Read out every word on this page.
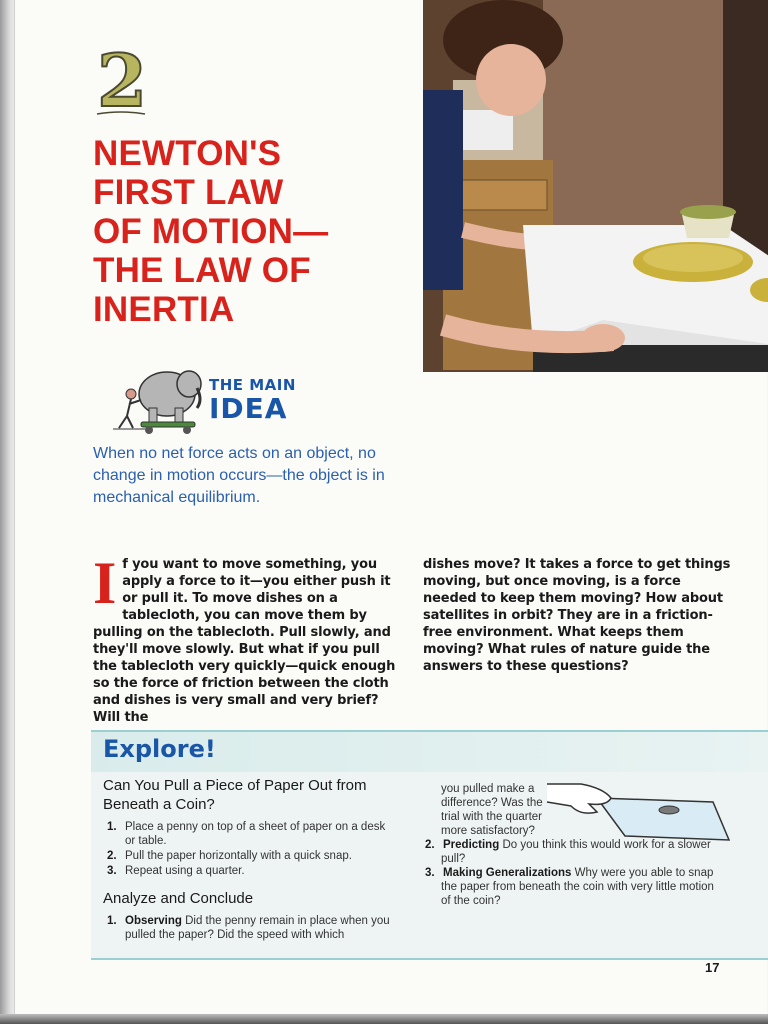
2
NEWTON'S
FIRST LAW
OF MOTION—
THE LAW OF
INERTIA
THE MAIN
IDEA

When no net force acts on an object, no change in motion occurs—the object is in mechanical equilibrium.

I f you want to move something, you apply a force to it—you either push it or pull it. To move dishes on a tablecloth, you can move them by pulling on the tablecloth. Pull slowly, and they'll move slowly. But what if you pull the tablecloth very quickly—quick enough so the force of friction between the cloth and dishes is very small and very brief? Will the
dishes move? It takes a force to get things moving, but once moving, is a force needed to keep them moving? How about satellites in orbit? They are in a friction-free environment. What keeps them moving? What rules of nature guide the answers to these questions?
Explore!
Can You Pull a Piece of Paper Out from Beneath a Coin?
1. Place a penny on top of a sheet of paper on a desk or table.
2. Pull the paper horizontally with a quick snap.
3. Repeat using a quarter.
Analyze and Conclude
1. Observing Did the penny remain in place when you pulled the paper? Did the speed with which
you pulled make a difference? Was the trial with the quarter more satisfactory?
2. Predicting Do you think this would work for a slower pull?
3. Making Generalizations Why were you able to snap the paper from beneath the coin with very little motion of the coin?
17
